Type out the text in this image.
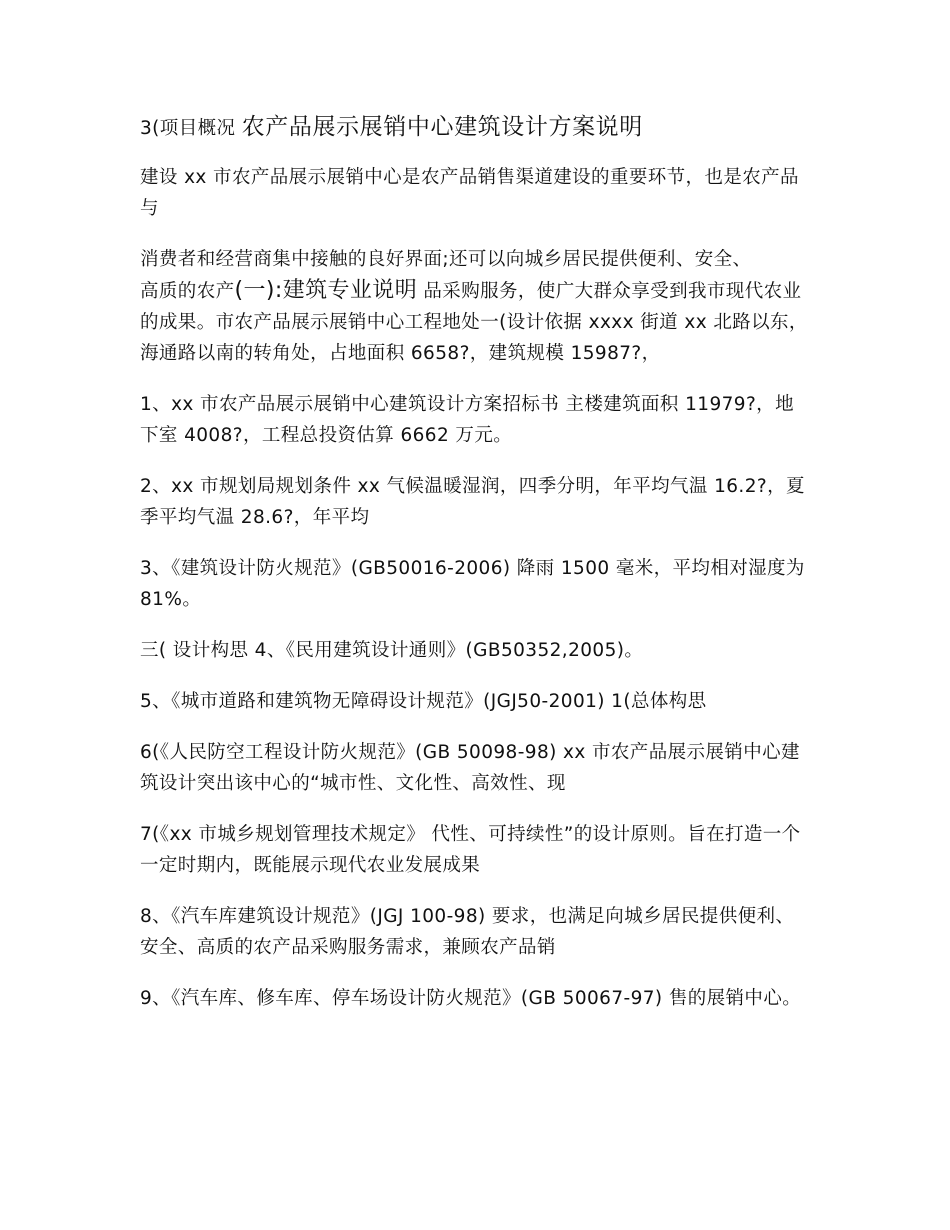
3(项目概况 农产品展示展销中心建筑设计方案说明
建设 xx 市农产品展示展销中心是农产品销售渠道建设的重要环节，也是农产品与
消费者和经营商集中接触的良好界面;还可以向城乡居民提供便利、安全、
高质的农产(一):建筑专业说明 品采购服务，使广大群众享受到我市现代农业的成果。市农产品展示展销中心工程地处一(设计依据 xxxx 街道 xx 北路以东，海通路以南的转角处，占地面积 6658?，建筑规模 15987?，
1、xx 市农产品展示展销中心建筑设计方案招标书 主楼建筑面积 11979?，地下室 4008?，工程总投资估算 6662 万元。
2、xx 市规划局规划条件 xx 气候温暖湿润，四季分明，年平均气温 16.2?，夏季平均气温 28.6?，年平均
3、《建筑设计防火规范》(GB50016-2006) 降雨 1500 毫米，平均相对湿度为 81%。
三( 设计构思 4、《民用建筑设计通则》(GB50352,2005)。
5、《城市道路和建筑物无障碍设计规范》(JGJ50-2001) 1(总体构思
6(《人民防空工程设计防火规范》(GB 50098-98) xx 市农产品展示展销中心建筑设计突出该中心的“城市性、文化性、高效性、现
7(《xx 市城乡规划管理技术规定》 代性、可持续性”的设计原则。旨在打造一个一定时期内，既能展示现代农业发展成果
8、《汽车库建筑设计规范》(JGJ 100-98) 要求，也满足向城乡居民提供便利、安全、高质的农产品采购服务需求，兼顾农产品销
9、《汽车库、修车库、停车场设计防火规范》(GB 50067-97) 售的展销中心。
